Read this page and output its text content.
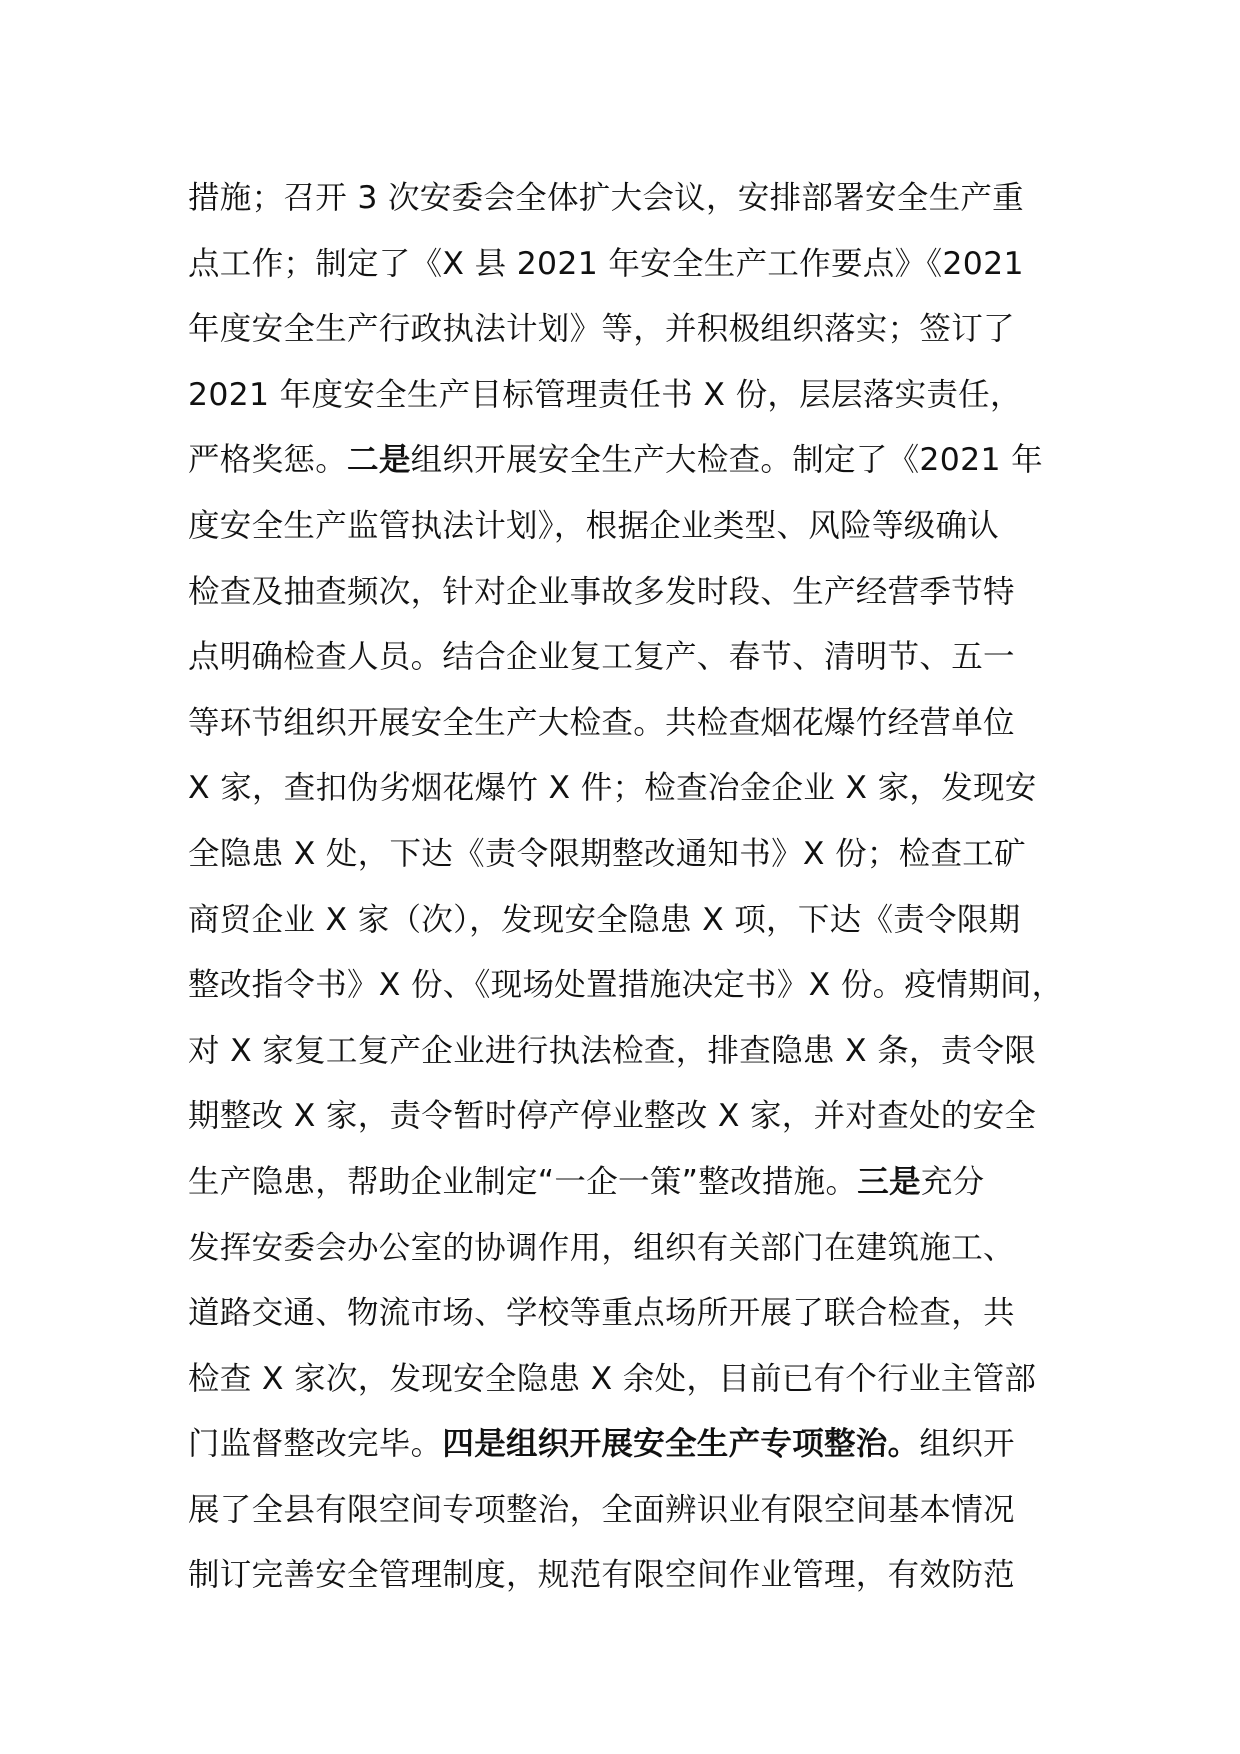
措施；召开 3 次安委会全体扩大会议，安排部署安全生产重
点工作；制定了《X 县 2021 年安全生产工作要点》《2021
年度安全生产行政执法计划》等，并积极组织落实；签订了
2021 年度安全生产目标管理责任书 X 份，层层落实责任，
严格奖惩。二是组织开展安全生产大检查。制定了《2021 年
度安全生产监管执法计划》，根据企业类型、风险等级确认
检查及抽查频次，针对企业事故多发时段、生产经营季节特
点明确检查人员。结合企业复工复产、春节、清明节、五一
等环节组织开展安全生产大检查。共检查烟花爆竹经营单位
X 家，查扣伪劣烟花爆竹 X 件；检查冶金企业 X 家，发现安
全隐患 X 处，下达《责令限期整改通知书》X 份；检查工矿
商贸企业 X 家（次），发现安全隐患 X 项，下达《责令限期
整改指令书》X 份、《现场处置措施决定书》X 份。疫情期间，
对 X 家复工复产企业进行执法检查，排查隐患 X 条，责令限
期整改 X 家，责令暂时停产停业整改 X 家，并对查处的安全
生产隐患，帮助企业制定“一企一策”整改措施。三是充分
发挥安委会办公室的协调作用，组织有关部门在建筑施工、
道路交通、物流市场、学校等重点场所开展了联合检查，共
检查 X 家次，发现安全隐患 X 余处，目前已有个行业主管部
门监督整改完毕。四是组织开展安全生产专项整治。组织开
展了全县有限空间专项整治，全面辨识业有限空间基本情况
制订完善安全管理制度，规范有限空间作业管理，有效防范
